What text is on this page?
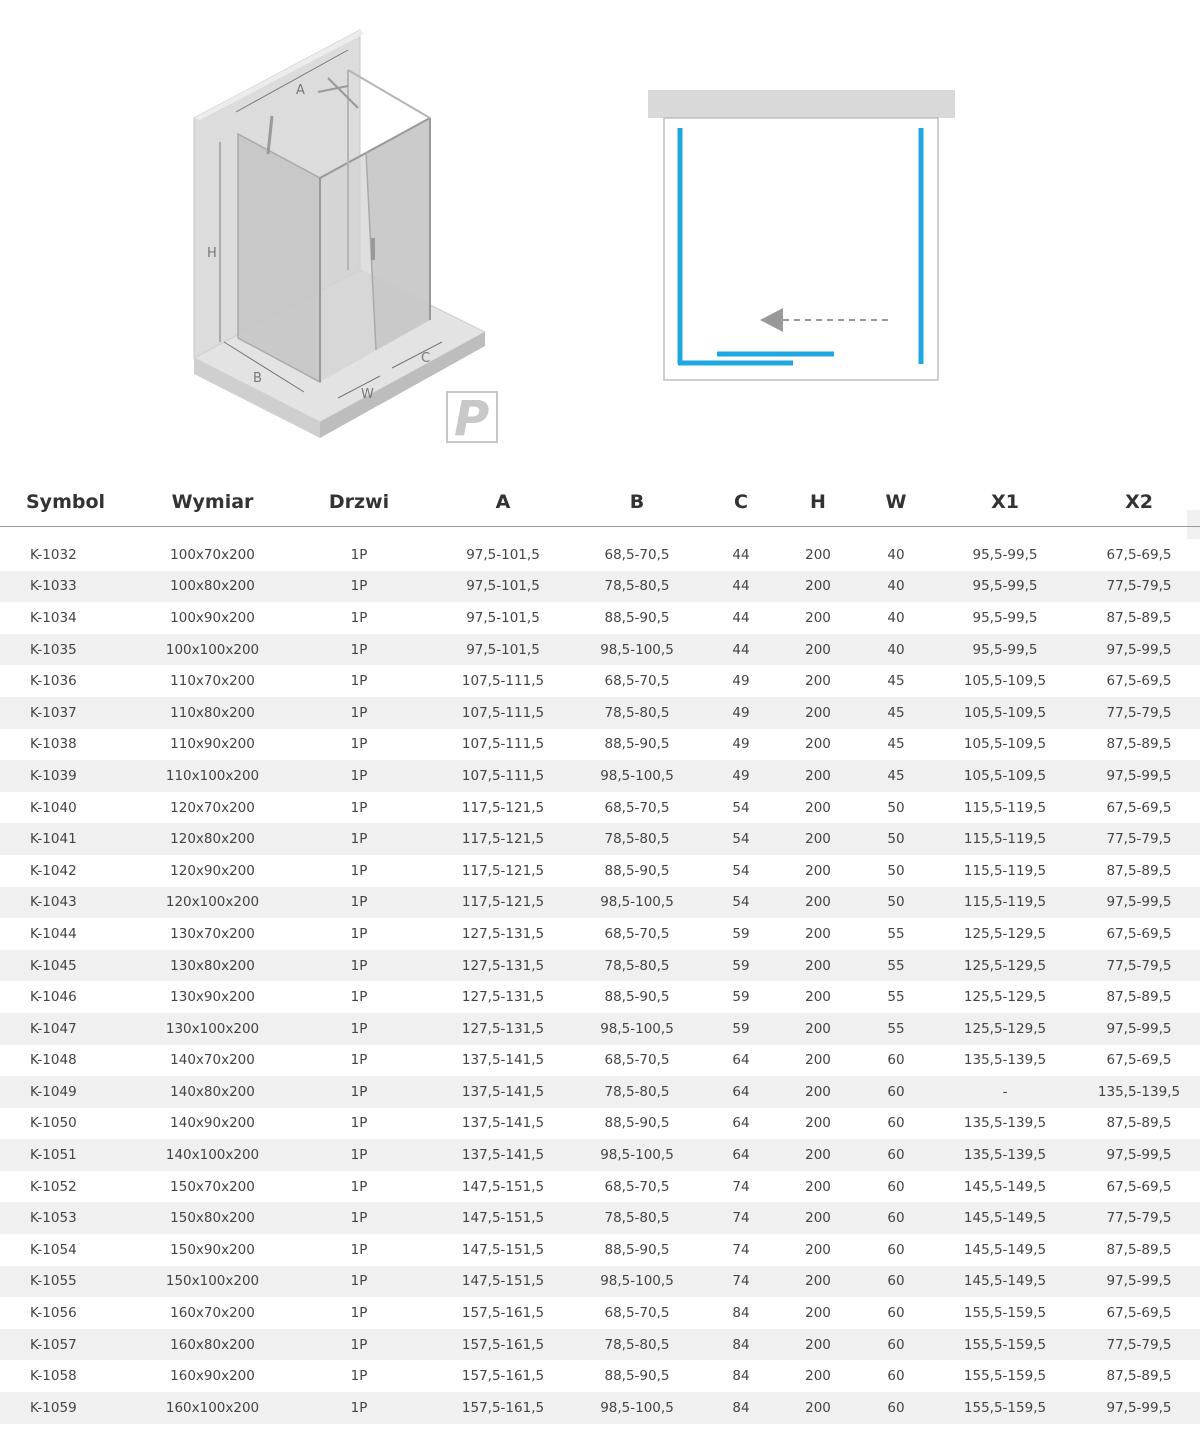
A
H
B
W
C
P
Symbol	Wymiar	Drzwi	A	B	C	H	W	X1	X2

K-1032	100x70x200	1P	97,5-101,5	68,5-70,5	44	200	40	95,5-99,5	67,5-69,5
K-1033	100x80x200	1P	97,5-101,5	78,5-80,5	44	200	40	95,5-99,5	77,5-79,5
K-1034	100x90x200	1P	97,5-101,5	88,5-90,5	44	200	40	95,5-99,5	87,5-89,5
K-1035	100x100x200	1P	97,5-101,5	98,5-100,5	44	200	40	95,5-99,5	97,5-99,5
K-1036	110x70x200	1P	107,5-111,5	68,5-70,5	49	200	45	105,5-109,5	67,5-69,5
K-1037	110x80x200	1P	107,5-111,5	78,5-80,5	49	200	45	105,5-109,5	77,5-79,5
K-1038	110x90x200	1P	107,5-111,5	88,5-90,5	49	200	45	105,5-109,5	87,5-89,5
K-1039	110x100x200	1P	107,5-111,5	98,5-100,5	49	200	45	105,5-109,5	97,5-99,5
K-1040	120x70x200	1P	117,5-121,5	68,5-70,5	54	200	50	115,5-119,5	67,5-69,5
K-1041	120x80x200	1P	117,5-121,5	78,5-80,5	54	200	50	115,5-119,5	77,5-79,5
K-1042	120x90x200	1P	117,5-121,5	88,5-90,5	54	200	50	115,5-119,5	87,5-89,5
K-1043	120x100x200	1P	117,5-121,5	98,5-100,5	54	200	50	115,5-119,5	97,5-99,5
K-1044	130x70x200	1P	127,5-131,5	68,5-70,5	59	200	55	125,5-129,5	67,5-69,5
K-1045	130x80x200	1P	127,5-131,5	78,5-80,5	59	200	55	125,5-129,5	77,5-79,5
K-1046	130x90x200	1P	127,5-131,5	88,5-90,5	59	200	55	125,5-129,5	87,5-89,5
K-1047	130x100x200	1P	127,5-131,5	98,5-100,5	59	200	55	125,5-129,5	97,5-99,5
K-1048	140x70x200	1P	137,5-141,5	68,5-70,5	64	200	60	135,5-139,5	67,5-69,5
K-1049	140x80x200	1P	137,5-141,5	78,5-80,5	64	200	60	-	135,5-139,5
K-1050	140x90x200	1P	137,5-141,5	88,5-90,5	64	200	60	135,5-139,5	87,5-89,5
K-1051	140x100x200	1P	137,5-141,5	98,5-100,5	64	200	60	135,5-139,5	97,5-99,5
K-1052	150x70x200	1P	147,5-151,5	68,5-70,5	74	200	60	145,5-149,5	67,5-69,5
K-1053	150x80x200	1P	147,5-151,5	78,5-80,5	74	200	60	145,5-149,5	77,5-79,5
K-1054	150x90x200	1P	147,5-151,5	88,5-90,5	74	200	60	145,5-149,5	87,5-89,5
K-1055	150x100x200	1P	147,5-151,5	98,5-100,5	74	200	60	145,5-149,5	97,5-99,5
K-1056	160x70x200	1P	157,5-161,5	68,5-70,5	84	200	60	155,5-159,5	67,5-69,5
K-1057	160x80x200	1P	157,5-161,5	78,5-80,5	84	200	60	155,5-159,5	77,5-79,5
K-1058	160x90x200	1P	157,5-161,5	88,5-90,5	84	200	60	155,5-159,5	87,5-89,5
K-1059	160x100x200	1P	157,5-161,5	98,5-100,5	84	200	60	155,5-159,5	97,5-99,5
